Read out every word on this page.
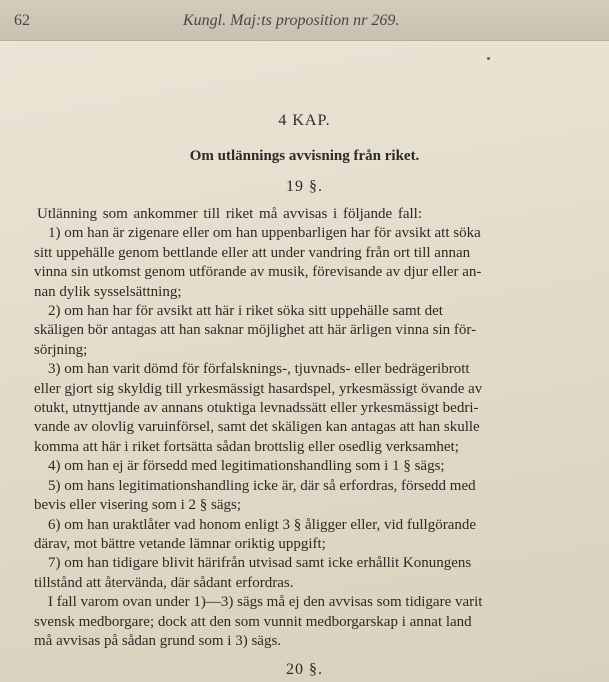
62	Kungl. Maj:ts proposition nr 269.
4 KAP.
Om utlännings avvisning från riket.
19 §.
Utlänning som ankommer till riket må avvisas i följande fall:
1) om han är zigenare eller om han uppenbarligen har för avsikt att söka
sitt uppehälle genom bettlande eller att under vandring från ort till annan
vinna sin utkomst genom utförande av musik, förevisande av djur eller an-
nan dylik sysselsättning;
2) om han har för avsikt att här i riket söka sitt uppehälle samt det
skäligen bör antagas att han saknar möjlighet att här ärligen vinna sin för-
sörjning;
3) om han varit dömd för förfalsknings-, tjuvnads- eller bedrägeribrott
eller gjort sig skyldig till yrkesmässigt hasardspel, yrkesmässigt övande av
otukt, utnyttjande av annans otuktiga levnadssätt eller yrkesmässigt bedri-
vande av olovlig varuinförsel, samt det skäligen kan antagas att han skulle
komma att här i riket fortsätta sådan brottslig eller osedlig verksamhet;
4) om han ej är försedd med legitimationshandling som i 1 § sägs;
5) om hans legitimationshandling icke är, där så erfordras, försedd med
bevis eller visering som i 2 § sägs;
6) om han uraktlåter vad honom enligt 3 § åligger eller, vid fullgörande
därav, mot bättre vetande lämnar oriktig uppgift;
7) om han tidigare blivit härifrån utvisad samt icke erhållit Konungens
tillstånd att återvända, där sådant erfordras.
I fall varom ovan under 1)—3) sägs må ej den avvisas som tidigare varit
svensk medborgare; dock att den som vunnit medborgarskap i annat land
må avvisas på sådan grund som i 3) sägs.
20 §.
